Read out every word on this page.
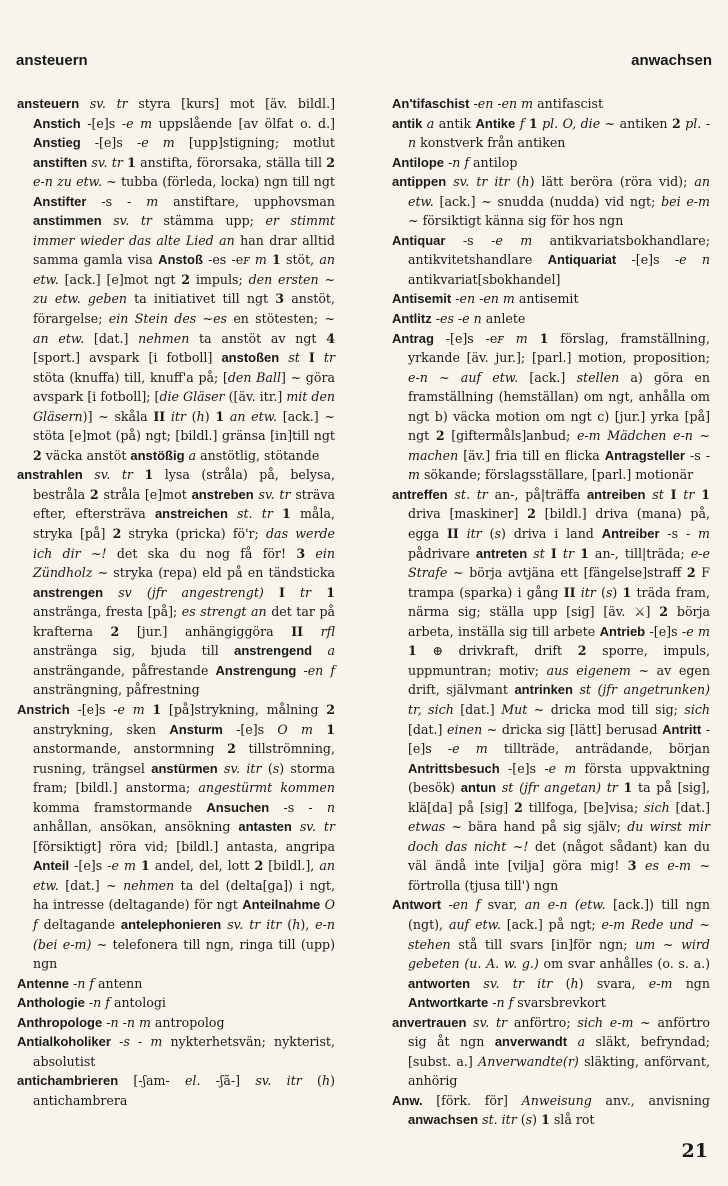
ansteuern	anwachsen

ansteuern sv. tr styra [kurs] mot [äv. bildl.] Anstich -[e]s -e m uppslående [av ölfat o. d.] Anstieg -[e]s -e m [upp]stigning; motlut anstiften sv. tr 1 anstifta, förorsaka, ställa till 2 e-n zu etw. ~ tubba (förleda, locka) ngn till ngt Anstifter -s - m anstiftare, upphovsman anstimmen sv. tr stämma upp; er stimmt immer wieder das alte Lied an han drar alltid samma gamla visa Anstoß -es -eꜰ m 1 stöt, an etw. [ack.] [e]mot ngt 2 impuls; den ersten ~ zu etw. geben ta initiativet till ngt 3 anstöt, förargelse; ein Stein des ~es en stötesten; ~ an etw. [dat.] nehmen ta anstöt av ngt 4 [sport.] avspark [i fotboll] anstoßen st I tr stöta (knuffa) till, knuff'a på; [den Ball] ~ göra avspark [i fotboll]; [die Gläser ([äv. itr.] mit den Gläsern)] ~ skåla II itr (h) 1 an etw. [ack.] ~ stöta [e]mot (på) ngt; [bildl.] gränsa [in]till ngt 2 väcka anstöt anstößig a anstötlig, stötande

anstrahlen sv. tr 1 lysa (stråla) på, belysa, bestråla 2 stråla [e]mot anstreben sv. tr sträva efter, eftersträva anstreichen st. tr 1 måla, stryka [på] 2 stryka (pricka) fö'r; das werde ich dir ~! det ska du nog få för! 3 ein Zündholz ~ stryka (repa) eld på en tändsticka anstrengen sv (jfr angestrengt) I tr 1 anstränga, fresta [på]; es strengt an det tar på krafterna 2 [jur.] anhängiggöra II rfl anstränga sig, bjuda till anstrengend a ansträngande, påfrestande Anstrengung -en f ansträngning, påfrestning

Anstrich -[e]s -e m 1 [på]strykning, målning 2 anstrykning, sken Ansturm -[e]s O m 1 anstormande, anstormning 2 tillströmning, rusning, trängsel anstürmen sv. itr (s) storma fram; [bildl.] anstorma; angestürmt kommen komma framstormande Ansuchen -s - n anhållan, ansökan, ansökning antasten sv. tr [försiktigt] röra vid; [bildl.] antasta, angripa Anteil -[e]s -e m 1 andel, del, lott 2 [bildl.], an etw. [dat.] ~ nehmen ta del (delta[ga]) i ngt, ha intresse (deltagande) för ngt Anteilnahme O f deltagande antelephonieren sv. tr itr (h), e-n (bei e-m) ~ telefonera till ngn, ringa till (upp) ngn

Antenne -n f antenn

Anthologie -n f antologi

Anthropologe -n -n m antropolog

Antialkoholiker -s - m nykterhetsvän; nykterist, absolutist

antichambrieren [-ʃam- el. -ʃã-] sv. itr (h) antichambrera

An'tifaschist -en -en m antifascist

antik a antik Antike f 1 pl. O, die ~ antiken 2 pl. -n konstverk från antiken

Antilope -n f antilop

antippen sv. tr itr (h) lätt beröra (röra vid); an etw. [ack.] ~ snudda (nudda) vid ngt; bei e-m ~ försiktigt känna sig för hos ngn

Antiquar -s -e m antikvariatsbokhandlare; antikvitetshandlare Antiquariat -[e]s -e n antikvariat[sbokhandel]

Antisemit -en -en m antisemit

Antlitz -es -e n anlete

Antrag -[e]s -eꜰ m 1 förslag, framställning, yrkande [äv. jur.]; [parl.] motion, proposition; e-n ~ auf etw. [ack.] stellen a) göra en framställning (hemställan) om ngt, anhålla om ngt b) väcka motion om ngt c) [jur.] yrka [på] ngt 2 [giftermåls]anbud; e-m Mädchen e-n ~ machen [äv.] fria till en flicka Antragsteller -s - m sökande; förslagsställare, [parl.] motionär

antreffen st. tr an-, på|träffa antreiben st I tr 1 driva [maskiner] 2 [bildl.] driva (mana) på, egga II itr (s) driva i land Antreiber -s - m pådrivare antreten st I tr 1 an-, till|träda; e-e Strafe ~ börja avtjäna ett [fängelse]straff 2 F trampa (sparka) i gång II itr (s) 1 träda fram, närma sig; ställa upp [sig] [äv. ⚔] 2 börja arbeta, inställa sig till arbete Antrieb -[e]s -e m 1 ⊕ drivkraft, drift 2 sporre, impuls, uppmuntran; motiv; aus eigenem ~ av egen drift, självmant antrinken st (jfr angetrunken) tr, sich [dat.] Mut ~ dricka mod till sig; sich [dat.] einen ~ dricka sig [lätt] berusad Antritt -[e]s -e m tillträde, anträdande, början Antrittsbesuch -[e]s -e m första uppvaktning (besök) antun st (jfr angetan) tr 1 ta på [sig], klä[da] på [sig] 2 tillfoga, [be]visa; sich [dat.] etwas ~ bära hand på sig själv; du wirst mir doch das nicht ~! det (något sådant) kan du väl ändå inte [vilja] göra mig! 3 es e-m ~ förtrolla (tjusa till') ngn

Antwort -en f svar, an e-n (etw. [ack.]) till ngn (ngt), auf etw. [ack.] på ngt; e-m Rede und ~ stehen stå till svars [in]för ngn; um ~ wird gebeten (u. A. w. g.) om svar anhålles (o. s. a.) antworten sv. tr itr (h) svara, e-m ngn Antwortkarte -n f svarsbrevkort

anvertrauen sv. tr anförtro; sich e-m ~ anförtro sig åt ngn anverwandt a släkt, befryndad; [subst. a.] Anverwandte(r) släkting, anförvant, anhörig

Anw. [förk. för] Anweisung anv., anvisning anwachsen st. itr (s) 1 slå rot

21
